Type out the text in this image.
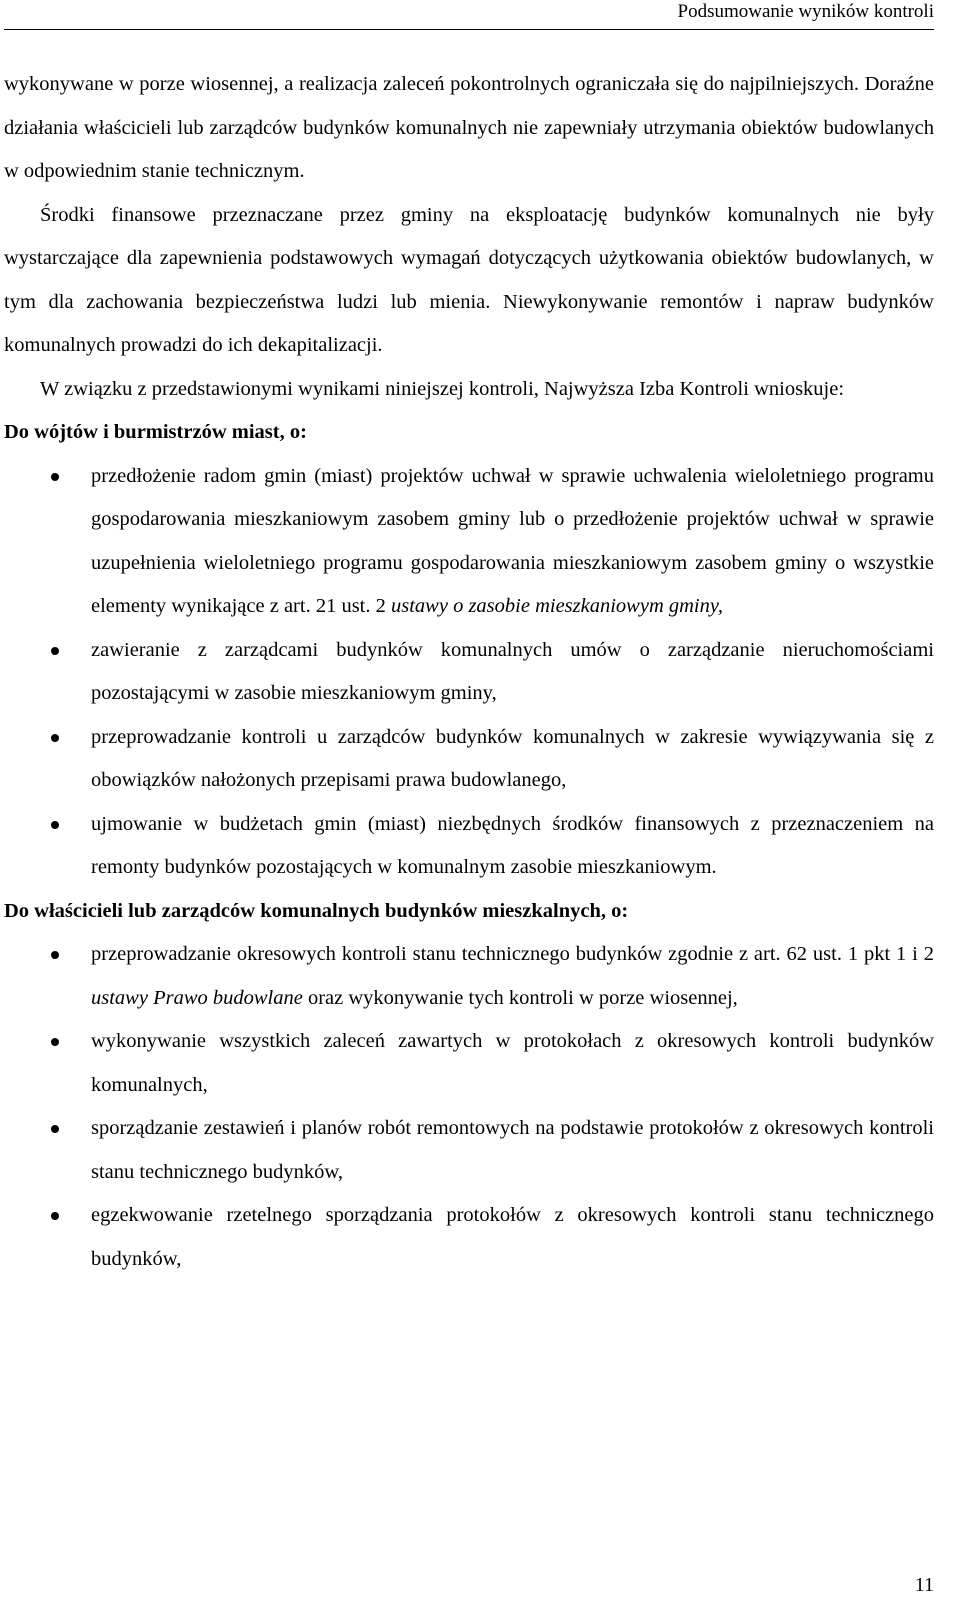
Podsumowanie wyników kontroli

wykonywane w porze wiosennej, a realizacja zaleceń pokontrolnych ograniczała się do najpilniejszych. Doraźne działania właścicieli lub zarządców budynków komunalnych nie zapewniały utrzymania obiektów budowlanych w odpowiednim stanie technicznym.

Środki finansowe przeznaczane przez gminy na eksploatację budynków komunalnych nie były wystarczające dla zapewnienia podstawowych wymagań dotyczących użytkowania obiektów budowlanych, w tym dla zachowania bezpieczeństwa ludzi lub mienia. Niewykonywanie remontów i napraw budynków komunalnych prowadzi do ich dekapitalizacji.

W związku z przedstawionymi wynikami niniejszej kontroli, Najwyższa Izba Kontroli wnioskuje:

Do wójtów i burmistrzów miast, o:

przedłożenie radom gmin (miast) projektów uchwał w sprawie uchwalenia wieloletniego programu gospodarowania mieszkaniowym zasobem gminy lub o przedłożenie projektów uchwał w sprawie uzupełnienia wieloletniego programu gospodarowania mieszkaniowym zasobem gminy o wszystkie elementy wynikające z art. 21 ust. 2 ustawy o zasobie mieszkaniowym gminy,
zawieranie z zarządcami budynków komunalnych umów o zarządzanie nieruchomościami pozostającymi w zasobie mieszkaniowym gminy,
przeprowadzanie kontroli u zarządców budynków komunalnych w zakresie wywiązywania się z obowiązków nałożonych przepisami prawa budowlanego,
ujmowanie w budżetach gmin (miast) niezbędnych środków finansowych z przeznaczeniem na remonty budynków pozostających w komunalnym zasobie mieszkaniowym.

Do właścicieli lub zarządców komunalnych budynków mieszkalnych, o:

przeprowadzanie okresowych kontroli stanu technicznego budynków zgodnie z art. 62 ust. 1 pkt 1 i 2 ustawy Prawo budowlane oraz wykonywanie tych kontroli w porze wiosennej,
wykonywanie wszystkich zaleceń zawartych w protokołach z okresowych kontroli budynków komunalnych,
sporządzanie zestawień i planów robót remontowych na podstawie protokołów z okresowych kontroli stanu technicznego budynków,
egzekwowanie rzetelnego sporządzania protokołów z okresowych kontroli stanu technicznego budynków,
11
